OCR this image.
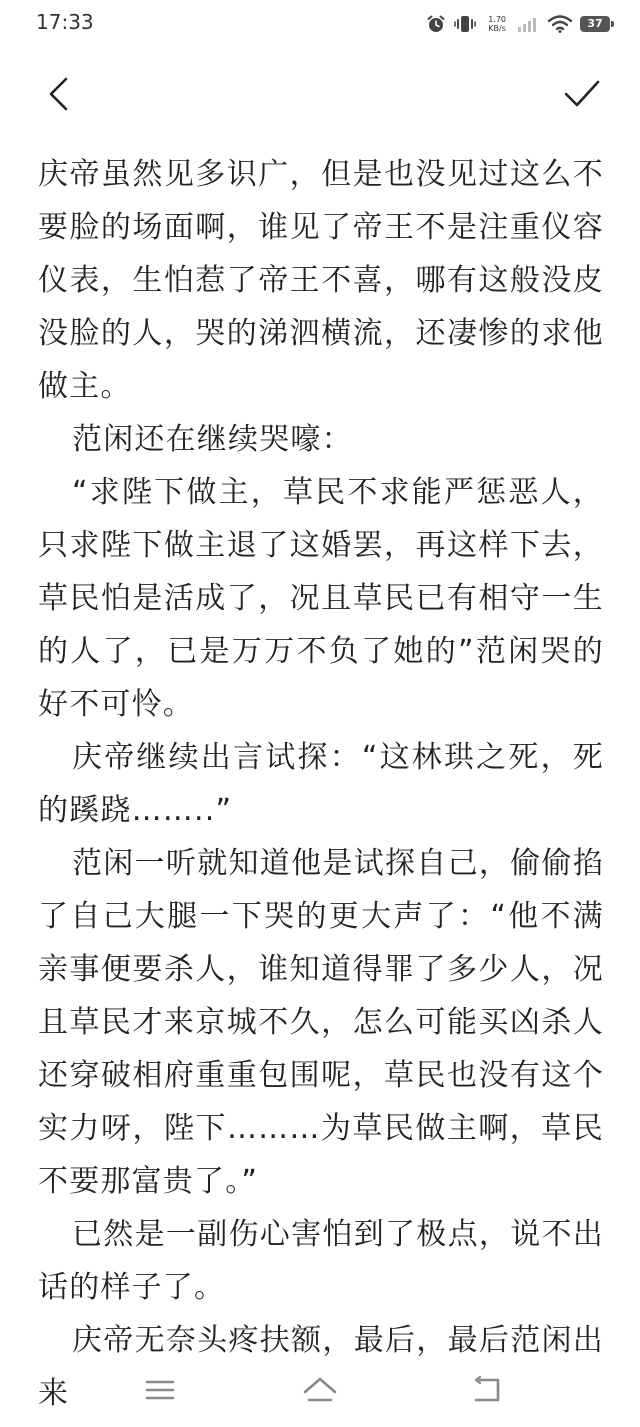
17:33	1.70
KB/s	37

庆帝虽然见多识广，但是也没见过这么不要脸的场面啊，谁见了帝王不是注重仪容仪表，生怕惹了帝王不喜，哪有这般没皮没脸的人，哭的涕泗横流，还凄惨的求他做主。

范闲还在继续哭嚎：

“求陛下做主，草民不求能严惩恶人，只求陛下做主退了这婚罢，再这样下去，草民怕是活成了，况且草民已有相守一生的人了，已是万万不负了她的”范闲哭的好不可怜。

庆帝继续出言试探：“这林珙之死，死的蹊跷……..”

范闲一听就知道他是试探自己，偷偷掐了自己大腿一下哭的更大声了：“他不满亲事便要杀人，谁知道得罪了多少人，况且草民才来京城不久，怎么可能买凶杀人还穿破相府重重包围呢，草民也没有这个实力呀，陛下………为草民做主啊，草民不要那富贵了。”

已然是一副伤心害怕到了极点，说不出话的样子了。

庆帝无奈头疼扶额，最后，最后范闲出来
